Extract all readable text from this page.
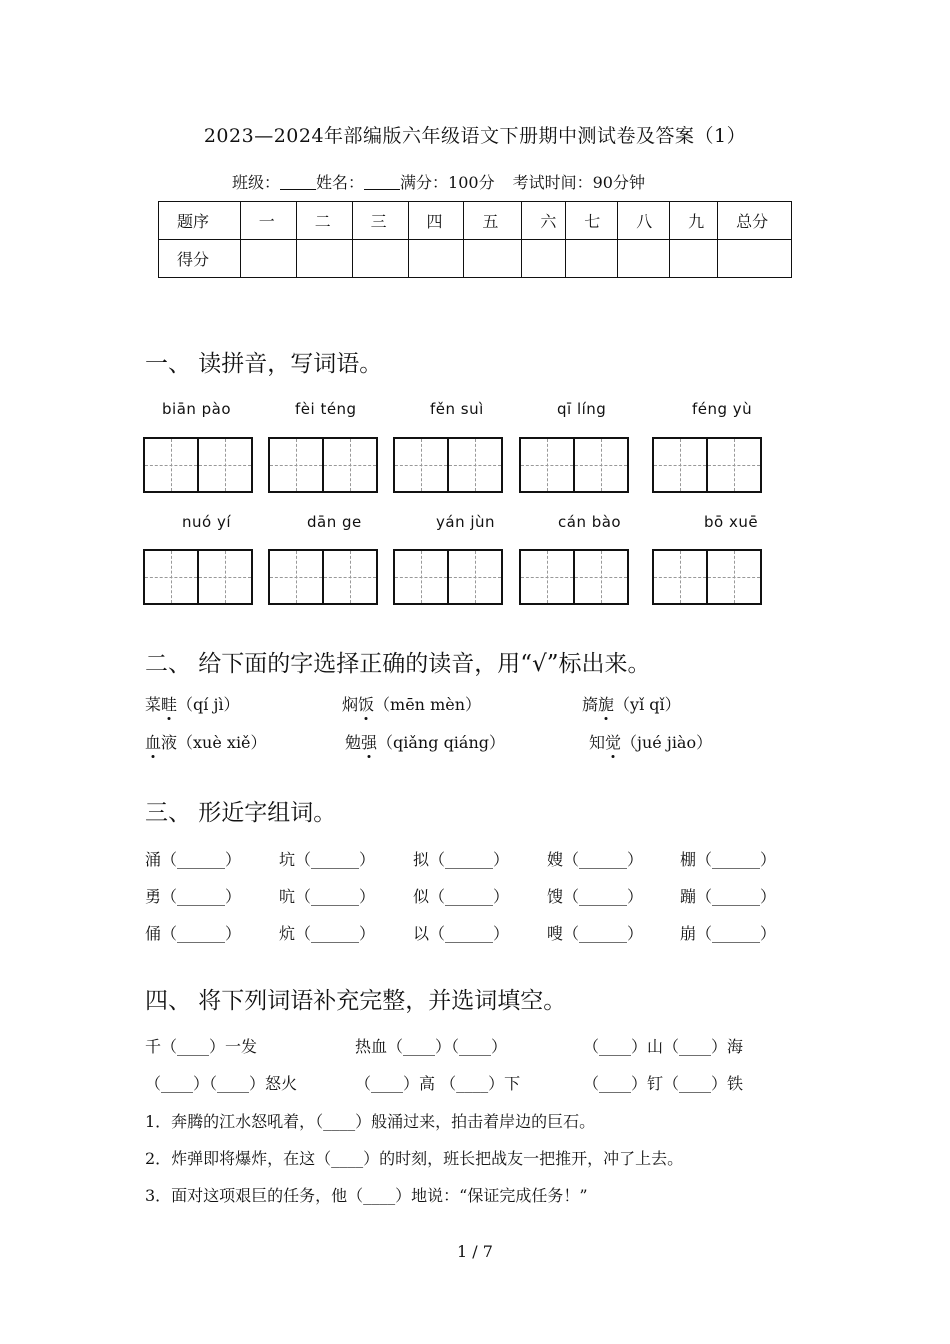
2023—2024年部编版六年级语文下册期中测试卷及答案（1）
班级： 姓名： 满分：100分 考试时间：90分钟
题序	一	二	三	四	五	六	七	八	九	总分
得分										
一、 读拼音，写词语。
biān pào	fèi téng	fěn suì	qī líng	féng yù
nuó yí	dān ge	yán jùn	cán bào	bō xuē
二、 给下面的字选择正确的读音，用“√”标出来。
菜畦（qí jì）	焖饭（mēn mèn）	旖旎（yǐ qǐ）
血液（xuè xiě）	勉强（qiǎng qiáng）	知觉（jué jiào）
三、 形近字组词。
涌（______） 坑（______） 拟（______） 嫂（______） 棚（______）
勇（______） 吭（______） 似（______） 馊（______） 蹦（______）
俑（______） 炕（______） 以（______） 嗖（______） 崩（______）
四、 将下列词语补充完整，并选词填空。
千（____）一发	热血（____）（____）	（____）山（____）海
（____）（____）怒火	（____）高 （____）下	（____）钉（____）铁
1．奔腾的江水怒吼着，（____）般涌过来，拍击着岸边的巨石。
2．炸弹即将爆炸，在这（____）的时刻，班长把战友一把推开，冲了上去。
3．面对这项艰巨的任务，他（____）地说：“保证完成任务！”
1 / 7
